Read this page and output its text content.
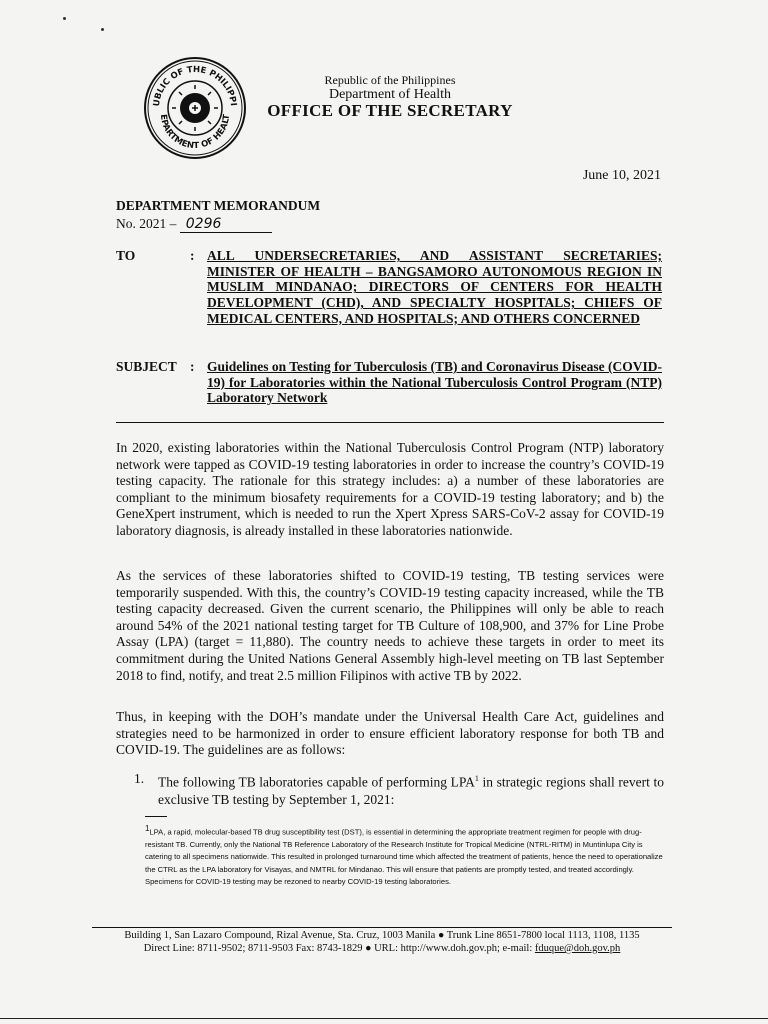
UBLIC OF THE PHILIPPI
EPARTMENT OF HEALT
Republic of the Philippines
Department of Health
OFFICE OF THE SECRETARY
June 10, 2021
DEPARTMENT MEMORANDUM
No. 2021 – 0296
TO	: ALL UNDERSECRETARIES, AND ASSISTANT SECRETARIES; MINISTER OF HEALTH – BANGSAMORO AUTONOMOUS REGION IN MUSLIM MINDANAO; DIRECTORS OF CENTERS FOR HEALTH DEVELOPMENT (CHD), AND SPECIALTY HOSPITALS; CHIEFS OF MEDICAL CENTERS, AND HOSPITALS; AND OTHERS CONCERNED
SUBJECT : Guidelines on Testing for Tuberculosis (TB) and Coronavirus Disease (COVID-19) for Laboratories within the National Tuberculosis Control Program (NTP) Laboratory Network
In 2020, existing laboratories within the National Tuberculosis Control Program (NTP) laboratory network were tapped as COVID-19 testing laboratories in order to increase the country’s COVID-19 testing capacity. The rationale for this strategy includes: a) a number of these laboratories are compliant to the minimum biosafety requirements for a COVID-19 testing laboratory; and b) the GeneXpert instrument, which is needed to run the Xpert Xpress SARS-CoV-2 assay for COVID-19 laboratory diagnosis, is already installed in these laboratories nationwide.
As the services of these laboratories shifted to COVID-19 testing, TB testing services were temporarily suspended. With this, the country’s COVID-19 testing capacity increased, while the TB testing capacity decreased. Given the current scenario, the Philippines will only be able to reach around 54% of the 2021 national testing target for TB Culture of 108,900, and 37% for Line Probe Assay (LPA) (target = 11,880). The country needs to achieve these targets in order to meet its commitment during the United Nations General Assembly high-level meeting on TB last September 2018 to find, notify, and treat 2.5 million Filipinos with active TB by 2022.
Thus, in keeping with the DOH’s mandate under the Universal Health Care Act, guidelines and strategies need to be harmonized in order to ensure efficient laboratory response for both TB and COVID-19. The guidelines are as follows:
1.	The following TB laboratories capable of performing LPA$^1$ in strategic regions shall revert to exclusive TB testing by September 1, 2021:
$^1$LPA, a rapid, molecular-based TB drug susceptibility test (DST), is essential in determining the appropriate treatment regimen for people with drug-resistant TB. Currently, only the National TB Reference Laboratory of the Research Institute for Tropical Medicine (NTRL-RITM) in Muntinlupa City is catering to all specimens nationwide. This resulted in prolonged turnaround time which affected the treatment of patients, hence the need to operationalize the CTRL as the LPA laboratory for Visayas, and NMTRL for Mindanao. This will ensure that patients are promptly tested, and treated accordingly. Specimens for COVID-19 testing may be rezoned to nearby COVID-19 testing laboratories.
Building 1, San Lazaro Compound, Rizal Avenue, Sta. Cruz, 1003 Manila ● Trunk Line 8651-7800 local 1113, 1108, 1135
Direct Line: 8711-9502; 8711-9503 Fax: 8743-1829 ● URL: http://www.doh.gov.ph; e-mail: fduque@doh.gov.ph
